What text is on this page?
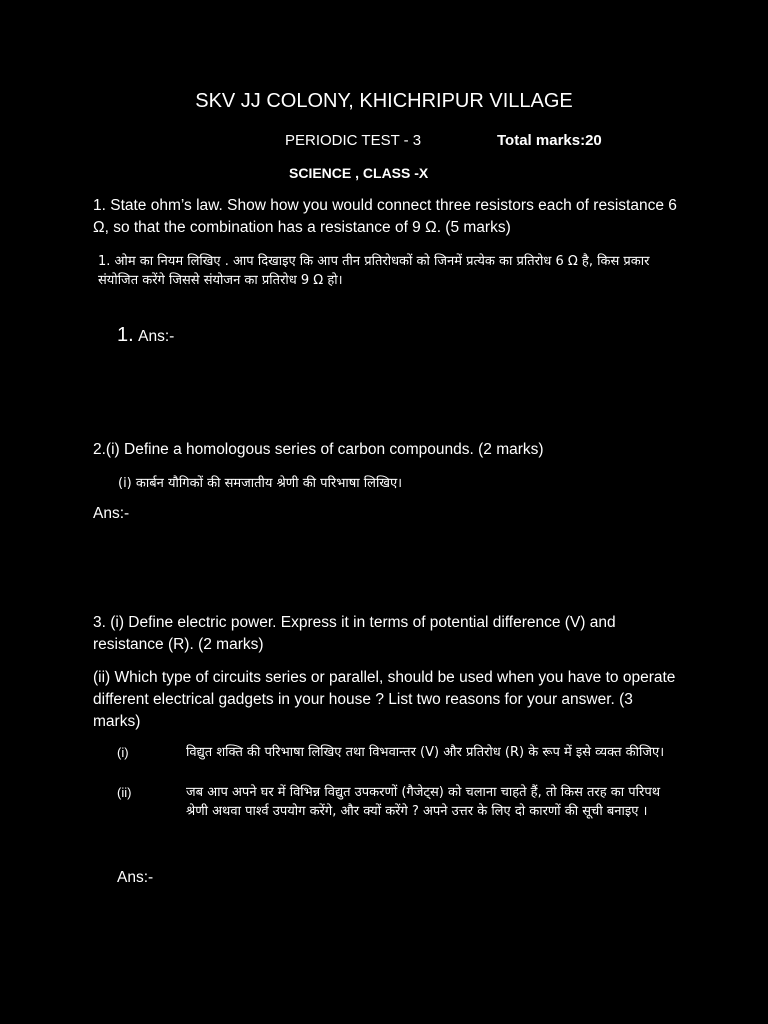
SKV JJ COLONY, KHICHRIPUR VILLAGE
PERIODIC TEST - 3	Total marks:20
SCIENCE , CLASS -X
1. State ohm’s law. Show how you would connect three resistors each of resistance 6 Ω, so that the combination has a resistance of 9 Ω. (5 marks)
1. ओम का नियम लिखिए . आप दिखाइए कि आप तीन प्रतिरोधकों को जिनमें प्रत्येक का प्रतिरोध 6 Ω है, किस प्रकार संयोजित करेंगे जिससे संयोजन का प्रतिरोध 9 Ω हो।
1. Ans:-
2.(i) Define a homologous series of carbon compounds. (2 marks)
(i) कार्बन यौगिकों की समजातीय श्रेणी की परिभाषा लिखिए।
Ans:-
3. (i) Define electric power. Express it in terms of potential difference (V) and resistance (R). (2 marks)
(ii) Which type of circuits series or parallel, should be used when you have to operate different electrical gadgets in your house ? List two reasons for your answer. (3 marks)
(i)	विद्युत शक्ति की परिभाषा लिखिए तथा विभवान्तर (V) और प्रतिरोध (R) के रूप में इसे व्यक्त कीजिए।
(ii)	जब आप अपने घर में विभिन्न विद्युत उपकरणों (गैजेट्स) को चलाना चाहते हैं, तो किस तरह का परिपथ श्रेणी अथवा पार्श्व उपयोग करेंगे, और क्यों करेंगे ? अपने उत्तर के लिए दो कारणों की सूची बनाइए ।
Ans:-
